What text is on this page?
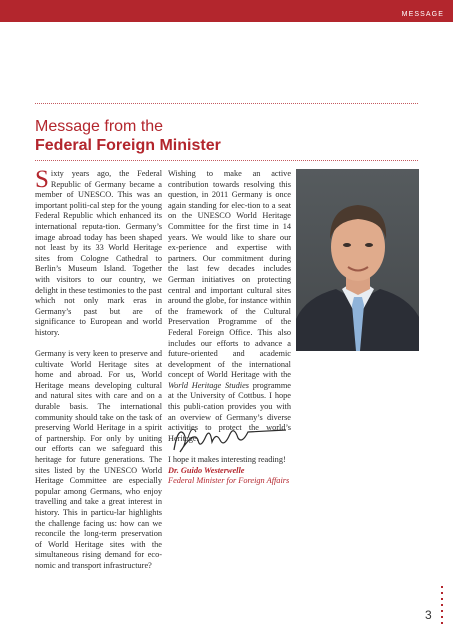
MESSAGE
Message from the
Federal Foreign Minister

Sixty years ago, the Federal Republic of Germany became a member of UNESCO. This was an important politi-cal step for the young Federal Republic which enhanced its international reputa-tion. Germany’s image abroad today has been shaped not least by its 33 World Heritage sites from Cologne Cathedral to Berlin’s Museum Island. Together with visitors to our country, we delight in these testimonies to the past which not only mark eras in Germany’s past but are of significance to European and world history.

Germany is very keen to preserve and cultivate World Heritage sites at home and abroad. For us, World Heritage means developing cultural and natural sites with care and on a durable basis. The international community should take on the task of preserving World Heritage in a spirit of partnership. For only by uniting our efforts can we safeguard this heritage for future generations. The sites listed by the UNESCO World Heritage Committee are especially popular among Germans, who enjoy travelling and take a great interest in history. This in particu-lar highlights the challenge facing us: how can we reconcile the long-term preservation of World Heritage sites with the simultaneous rising demand for eco-nomic and transport infrastructure?

Wishing to make an active contribution towards resolving this question, in 2011 Germany is once again standing for elec-tion to a seat on the UNESCO World Heritage Committee for the first time in 14 years. We would like to share our ex-perience and expertise with partners. Our commitment during the last few decades includes German initiatives on protecting central and important cultural sites around the globe, for instance within the framework of the Cultural Preservation Programme of the Federal Foreign Office. This also includes our efforts to advance a future-oriented and academic development of the international concept of World Heritage with the World Heritage Studies programme at the University of Cottbus. I hope this publi-cation provides you with an overview of Germany’s diverse activities to protect the world’s Heritage.

I hope it makes interesting reading!

Dr. Guido Westerwelle
Federal Minister for Foreign Affairs
3
